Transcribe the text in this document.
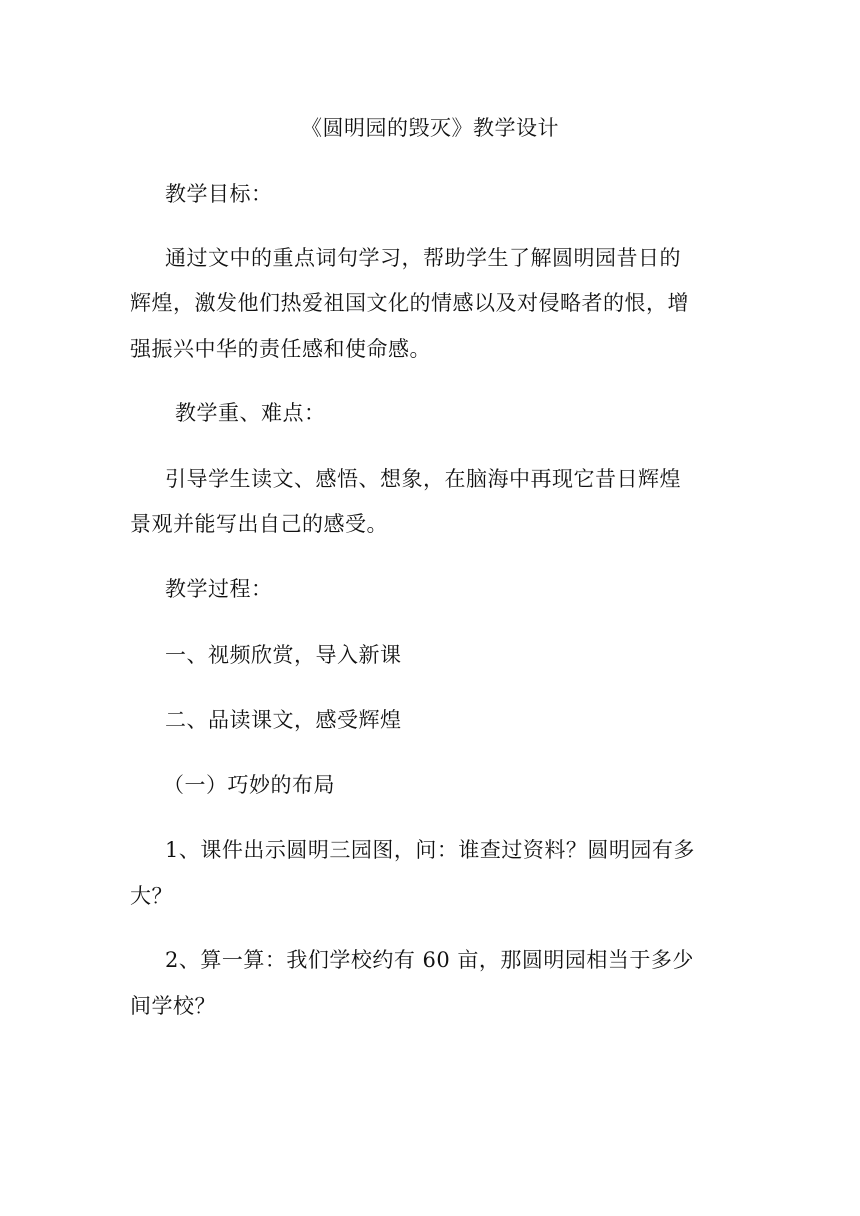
《圆明园的毁灭》教学设计
教学目标：
通过文中的重点词句学习，帮助学生了解圆明园昔日的
辉煌，激发他们热爱祖国文化的情感以及对侵略者的恨，增
强振兴中华的责任感和使命感。
教学重、难点：
引导学生读文、感悟、想象，在脑海中再现它昔日辉煌
景观并能写出自己的感受。
教学过程：
一、视频欣赏，导入新课
二、品读课文，感受辉煌
（一）巧妙的布局
1、课件出示圆明三园图，问：谁查过资料？圆明园有多
大？
2、算一算：我们学校约有 60 亩，那圆明园相当于多少
间学校？
